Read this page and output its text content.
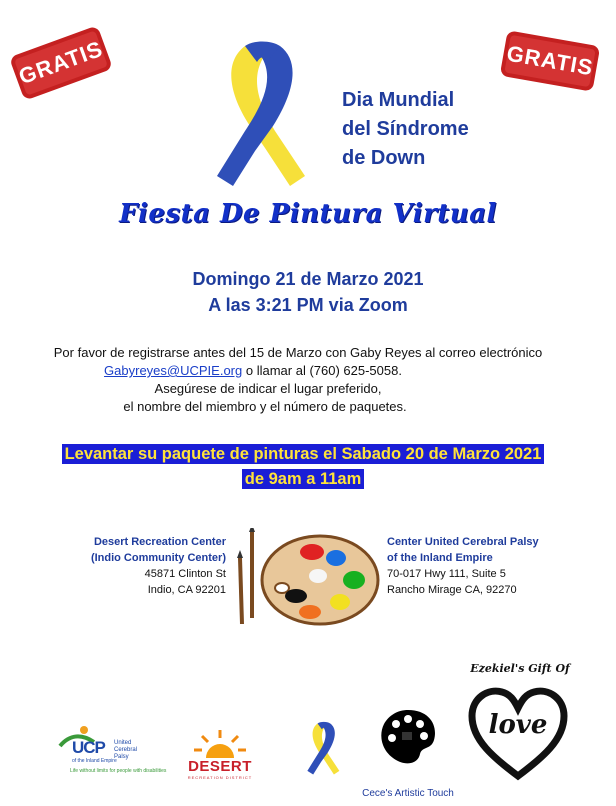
GRATIS	GRATIS
Dia Mundial
del Síndrome
de Down
Fiesta De Pintura Virtual
Domingo 21 de Marzo 2021
A las 3:21 PM via Zoom
Por favor de registrarse antes del 15 de Marzo con Gaby Reyes al correo electrónico
Gabyreyes@UCPIE.org o llamar al (760) 625-5058.
Asegúrese de indicar el lugar preferido,
el nombre del miembro y el número de paquetes.
Levantar su paquete de pinturas el Sabado 20 de Marzo 2021
de 9am a 11am
Desert Recreation Center
(Indio Community Center)
45871 Clinton St
Indio, CA 92201
Center United Cerebral Palsy
of the Inland Empire
70-017 Hwy 111, Suite 5
Rancho Mirage CA, 92270
UCP United Cerebral Palsy
of the Inland Empire
Life without limits for people with disabilities	DESERT
RECREATION DISTRICT
Cece's Artistic Touch
Ezekiel's Gift Of
love
